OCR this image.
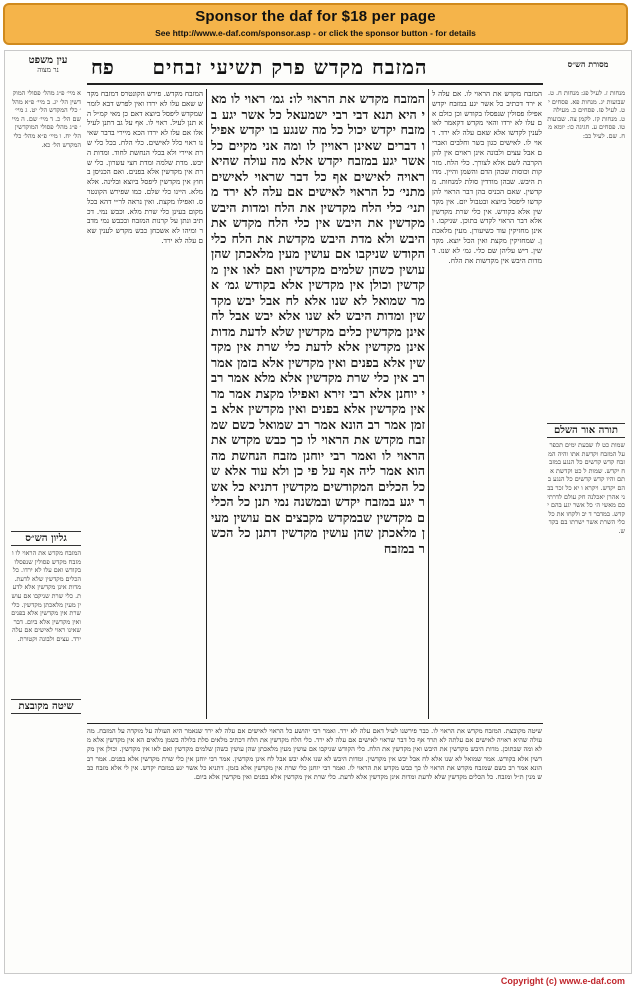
Sponsor the daf for $18 per page
See http://www.e-daf.com/sponsor.asp - or click the sponsor button - for details
עין משפט
נר מצוה	פח	המזבח מקדש פרק תשיעי זבחים	מסורת הש״ס
א מיי׳ פ״ג מהל׳ פסולי המוקדשין הל׳ יג. ב מיי׳ פ״א מהל׳ כלי המקדש הל׳ יט. ג מיי׳ שם הל׳ כ. ד מיי׳ שם. ה מיי׳ פ״ג מהל׳ פסולי המוקדשין הל׳ יח. ו מיי׳ פ״א מהל׳ כלי המקדש הל׳ כא.
גליון הש״ס
המזבח מקדש את הראוי לו ומזבח מקדש פסולין שנפסלו בקודש ואם עלו לא ירדו. כל הכלים מקדשין שלא לדעת. מדות אינן מקדשין אלא לדעת. כלי שרת שניקבו אם עושין מעין מלאכתן מקדשין. כלי שרת אין מקדשין אלא בפנים ואין מקדשין אלא ביום. דבר שאינו ראוי לאישים אם עלה ירד. עצים ולבונה וקטורת.
שיטה מקובצת
המזבח מקדש. פירש הקונטרס דמזבח מקדש שאם עלו לא ירדו ואין לפרש דבא לומר שמקדש ליפסל ביוצא דאם כן מאי קמ״ל הא תנן לעיל. ראוי לו. אף על גב דתנן לעיל אלו אם עלו לא ירדו הכא מיירי בדבר שאינו ראוי כלל לאישים. כלי הלח. בכל כלי שרת איירי ולא בכלי הנחשת לחוד. ומדות היבש. מדת שלמה ומדת חצי עשרון. כלי שרת אין מקדשין אלא בפנים. ואם הכניסן בחוץ אין מקדשין ליפסל ביוצא ובלינה. אלא מלא. היינו כלי שלם. כמו שפירש הקונטרס. ואפילו מקצת. ואין נראה לר״י דהא בכל מקום בעינן כלי שרת מלא. וכבש נמי. דכתיב ונתן על קרנות המזבח ובכבש נמי מדבר ומיהו לא אשכחן כבש מקדש לענין שאם עלה לא ירד.
המזבח מקדש את הראוי לו: גמ׳ ראוי לו מאי היא תנא דבי רבי ישמעאל כל אשר יגע במזבח יקדש יכול כל מה שנגע בו יקדש אפילו דברים שאינן ראויין לו ומה אני מקיים כל אשר יגע במזבח יקדש אלא מה עולה שהיא ראויה לאישים אף כל דבר שראוי לאישים מתני׳ כל הראוי לאישים אם עלה לא ירד מתני׳ כלי הלח מקדשין את הלח ומדות היבש מקדשין את היבש אין כלי הלח מקדש את היבש ולא מדת היבש מקדשת את הלח כלי הקודש שניקבו אם עושין מעין מלאכתן שהן עושין כשהן שלמים מקדשין ואם לאו אין מקדשין וכולן אין מקדשין אלא בקודש גמ׳ אמר שמואל לא שנו אלא לח אבל יבש מקדשין ומדות היבש לא שנו אלא יבש אבל לח אינן מקדשין כלים מקדשין שלא לדעת מדות אינן מקדשין אלא לדעת כלי שרת אין מקדשין אלא בפנים ואין מקדשין אלא בזמן אמר רב אין כלי שרת מקדשין אלא מלא אמר רבי יוחנן אלא רבי זירא ואפילו מקצת אמר מר אין מקדשין אלא בפנים ואין מקדשין אלא בזמן אמר רב הונא אמר רב שמואל כשם שמזבח מקדש את הראוי לו כך כבש מקדש את הראוי לו ואמר רבי יוחנן מזבח הנחשת מה הוא אמר ליה אף על פי כן ולא עוד אלא שכל הכלים המקודשים מקדשין דתניא כל אשר יגע במזבח יקדש ובמשנה נמי תנן כל הכלים מקדשין שבמקדש מקבצים אם עושין מעין מלאכתן שהן עושין מקדשין דתנן כל הכשר במזבח
המזבח מקדש את הראוי לו. אם עלה לא ירד דכתיב כל אשר יגע במזבח יקדש אפילו פסולין שנפסלו בקודש וכן כולם אם עלו לא ירדו והאי מקדש דקאמר לאו לענין לקדשו אלא שאם עלה לא ירד. ראוי לו. לאישים כגון בשר וחלבים ואברים אבל עצים ולבונה אינן ראוים אין להן הקרבה לשם אלא לצורך. כלי הלח. מזרקות וכוסות שבהן הדם והשמן והיין. מדות היבש. שבהן מודדין סולת למנחות. מקדשין. שאם הכניס בהן דבר הראוי להן קדשו ליפסל ביוצא ובטבול יום. אין מקדשין אלא בקודש. אין כלי שרת מקדשין אלא דבר הראוי לקדש בתוכן. שניקבו. ואינן מחזיקין עוד כשיעורן. מעין מלאכתן. שמחזיקין מקצת ואין הכל יוצא. מקדשין. דיש עליהן שם כלי. גמ׳ לא שנו. דמדות היבש אין מקדשות את הלח.
מנחות ז. לעיל פג: מנחות ח. ט. שבועות יג. מנחות פא. פסחים יט. לעיל פז. פסחים כ. מעילה ט. מנחות קז. לקמן צה. שבועות טו. פסחים ע. חגיגה כו: יומא מח. שם. לעיל כב:
תורה אור השלם
שמות כט לז שבעת ימים תכפר על המזבח וקדשת אתו והיה המזבח קדש קדשים כל הנגע במזבח יקדש. שמות ל כט וקדשת אתם והיו קדש קדשים כל הנגע בהם יקדש. ויקרא ו יא כל זכר בבני אהרן יאכלנה חק עולם לדרתיכם מאשי ה׳ כל אשר יגע בהם יקדש. במדבר ד יב ולקחו את כל כלי השרת אשר ישרתו בם בקדש.
שיטה מקובצת. המזבח מקדש את הראוי לו. כבר פירשנו לעיל דאם עלה לא ירד. ואמר רבי יהושע כל הראוי לאישים אם עלה לא ירד שנאמר היא העולה על מוקדה על המזבח. מה עולה שהיא ראויה לאישים אם עלתה לא תרד אף כל דבר שראוי לאישים אם עלה לא ירד. כלי הלח מקדשין את הלח דכתיב מלאים סלת בלולה בשמן מלאים הא אין מקדשין אלא מלא ומה שבתוכן. מדות היבש מקדשין את היבש ואין מקדשין את הלח. כלי הקודש שניקבו אם עושין מעין מלאכתן שהן עושין כשהן שלמים מקדשין ואם לאו אין מקדשין. וכולן אין מקדשין אלא בקודש. אמר שמואל לא שנו אלא לח אבל יבש אין מקדשין. ומדות היבש לא שנו אלא יבש אבל לח אינן מקדשין. אמר רבי יוחנן אין כלי שרת מקדשין אלא בפנים. אמר רב הונא אמר רב כשם שמזבח מקדש את הראוי לו כך כבש מקדש את הראוי לו. ואמר רבי יוחנן כלי שרת אין מקדשין אלא בזמן. דתניא כל אשר יגע במזבח יקדש. אין לי אלא מזבח כבש מנין ת״ל ומזבח. כל הכלים מקדשין שלא לדעת ומדות אינן מקדשין אלא לדעת. כלי שרת אין מקדשין אלא בפנים ואין מקדשין אלא ביום.
Copyright (c) www.e-daf.com
